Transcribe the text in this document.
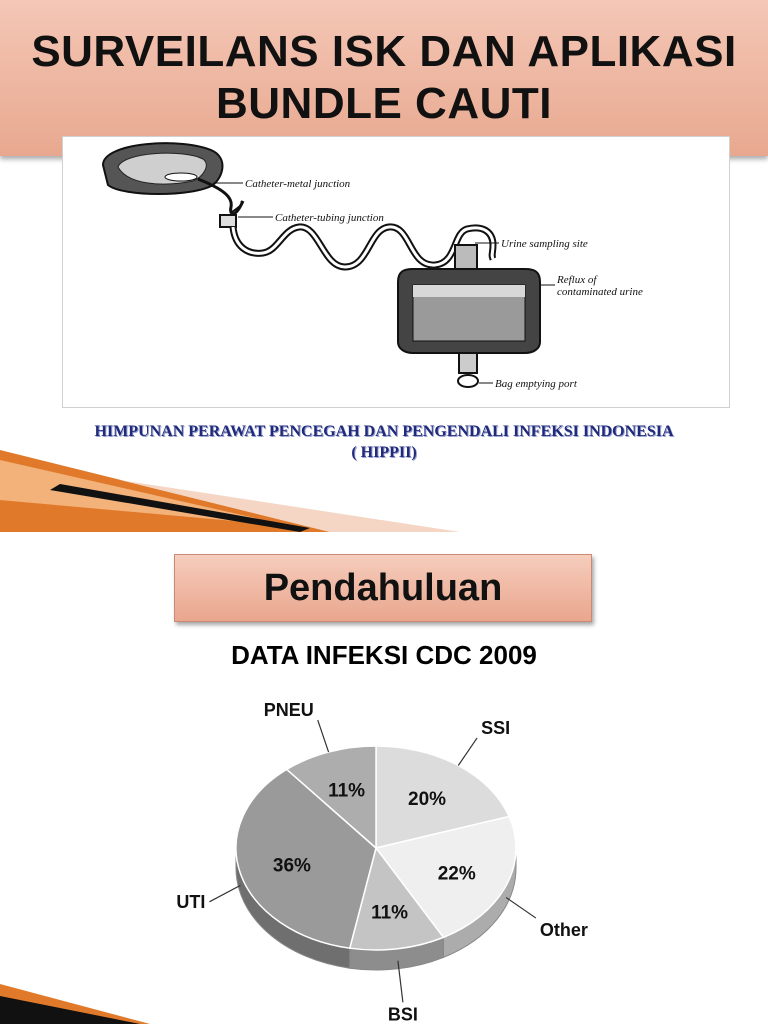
SURVEILANS ISK DAN APLIKASI
BUNDLE CAUTI
Catheter-metal junction
Catheter-tubing junction
Urine sampling site
Reflux of
contaminated urine
Bag emptying port
HIMPUNAN PERAWAT PENCEGAH DAN PENGENDALI INFEKSI INDONESIA
( HIPPII)
Pendahuluan
DATA INFEKSI CDC 2009
20%
22%
11%
36%
11%
SSI
Other
BSI
UTI
PNEU
